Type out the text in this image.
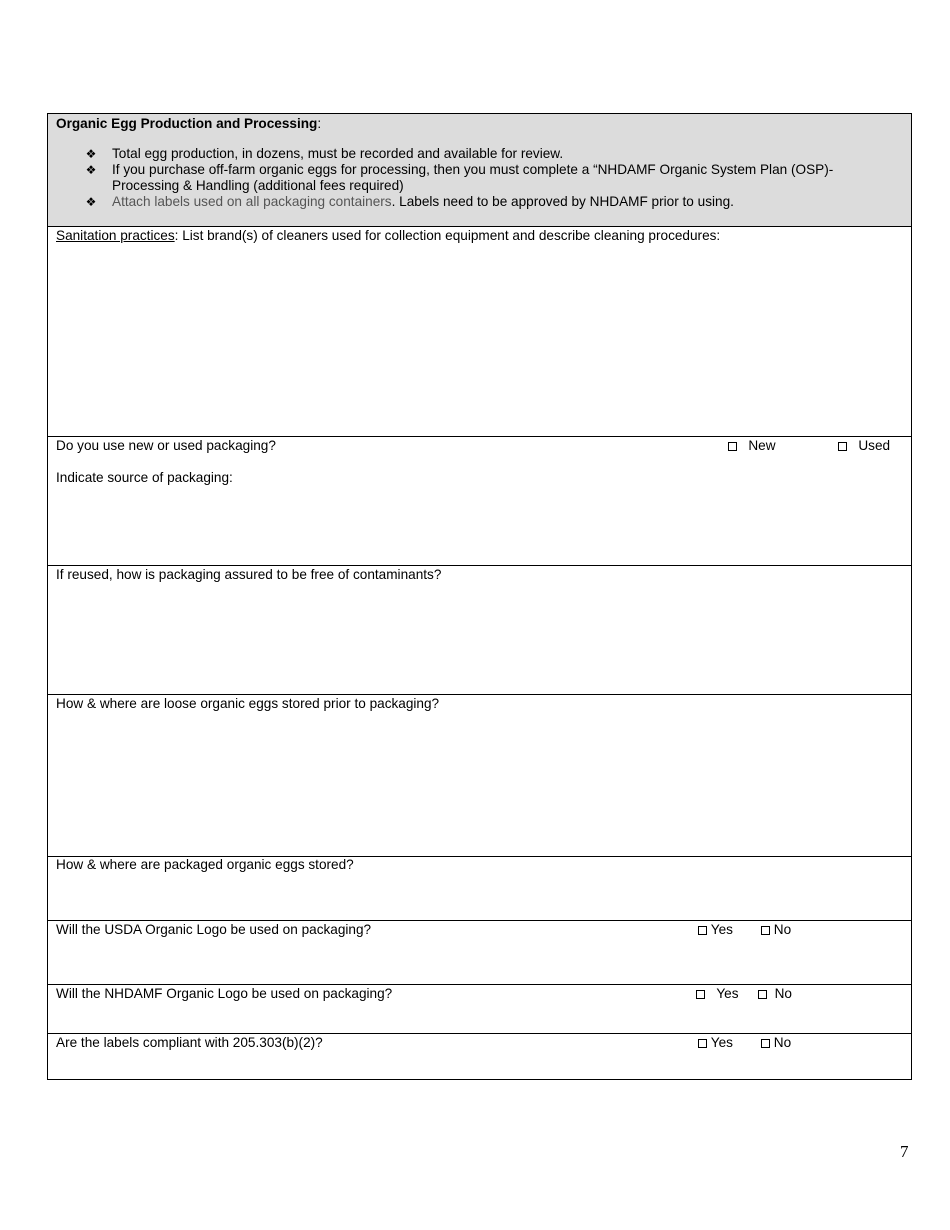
Organic Egg Production and Processing:
❖ Total egg production, in dozens, must be recorded and available for review.
❖ If you purchase off-farm organic eggs for processing, then you must complete a “NHDAMF Organic System Plan (OSP)- Processing & Handling (additional fees required)
❖ Attach labels used on all packaging containers. Labels need to be approved by NHDAMF prior to using.
Sanitation practices: List brand(s) of cleaners used for collection equipment and describe cleaning procedures:
Do you use new or used packaging?	New	Used
Indicate source of packaging:
If reused, how is packaging assured to be free of contaminants?
How & where are loose organic eggs stored prior to packaging?
How & where are packaged organic eggs stored?
Will the USDA Organic Logo be used on packaging?	Yes	No
Will the NHDAMF Organic Logo be used on packaging?	Yes	No
Are the labels compliant with 205.303(b)(2)?	Yes	No
7
